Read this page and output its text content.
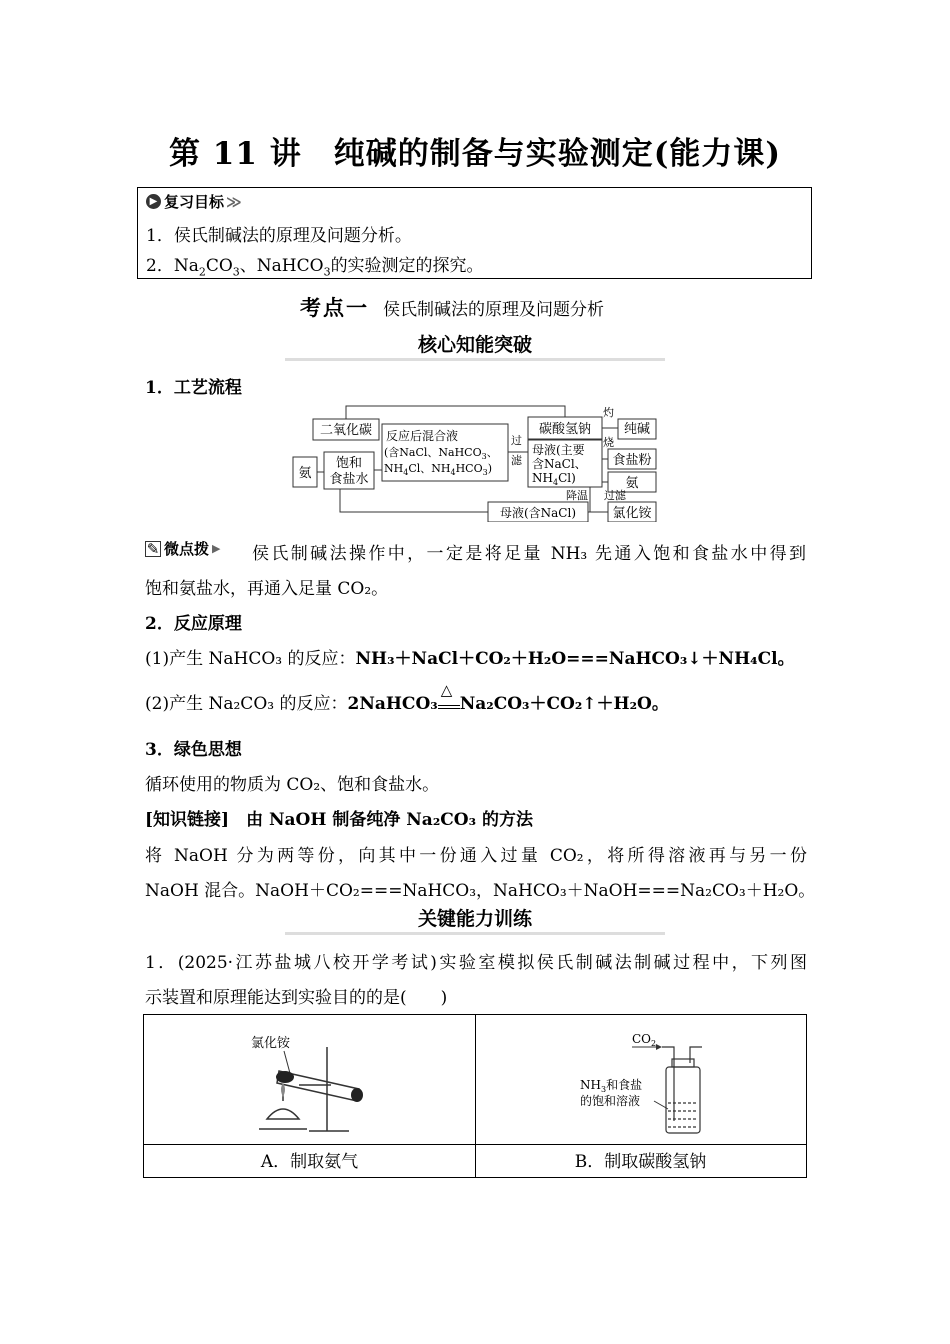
第 11 讲　纯碱的制备与实验测定(能力课)
▶ 复习目标 ≫
1．侯氏制碱法的原理及问题分析。
2．$Na_2CO_3$、NaHCO$_3$的实验测定的探究。
考点一 侯氏制碱法的原理及问题分析
核心知能突破
1．工艺流程
二氧化碳
氨
饱和
食盐水
反应后混合液
(含NaCl、NaHCO$_3$、
$NH_4Cl$、$NH_4HCO_3$)
过
滤
碳酸氢钠
灼
烧
纯碱
母液(主要
含NaCl、
$NH_4Cl$)
食盐粉
氨
降温 过滤
氯化铵
母液(含NaCl)
✎ 微点拨 ▶ 侯氏制碱法操作中，一定是将足量 NH₃ 先通入饱和食盐水中得到
饱和氨盐水，再通入足量 CO₂。
2．反应原理
(1)产生 NaHCO₃ 的反应：NH₃＋NaCl＋CO₂＋H₂O===NaHCO₃↓＋NH₄Cl。
(2)产生 Na₂CO₃ 的反应：2NaHCO₃
△
Na₂CO₃＋CO₂↑＋H₂O。
3．绿色思想
循环使用的物质为 CO₂、饱和食盐水。
[知识链接]　由 NaOH 制备纯净 Na₂CO₃ 的方法
将 NaOH 分为两等份，向其中一份通入过量 CO₂，将所得溶液再与另一份
NaOH 混合。NaOH＋CO₂===NaHCO₃，NaHCO₃＋NaOH===Na₂CO₃＋H₂O。
关键能力训练
1．(2025·江苏盐城八校开学考试)实验室模拟侯氏制碱法制碱过程中，下列图
示装置和原理能达到实验目的的是(　　)
氯化铵	$CO_2$
$NH_3$和食盐
的饱和溶液
A．制取氨气	B．制取碳酸氢钠
